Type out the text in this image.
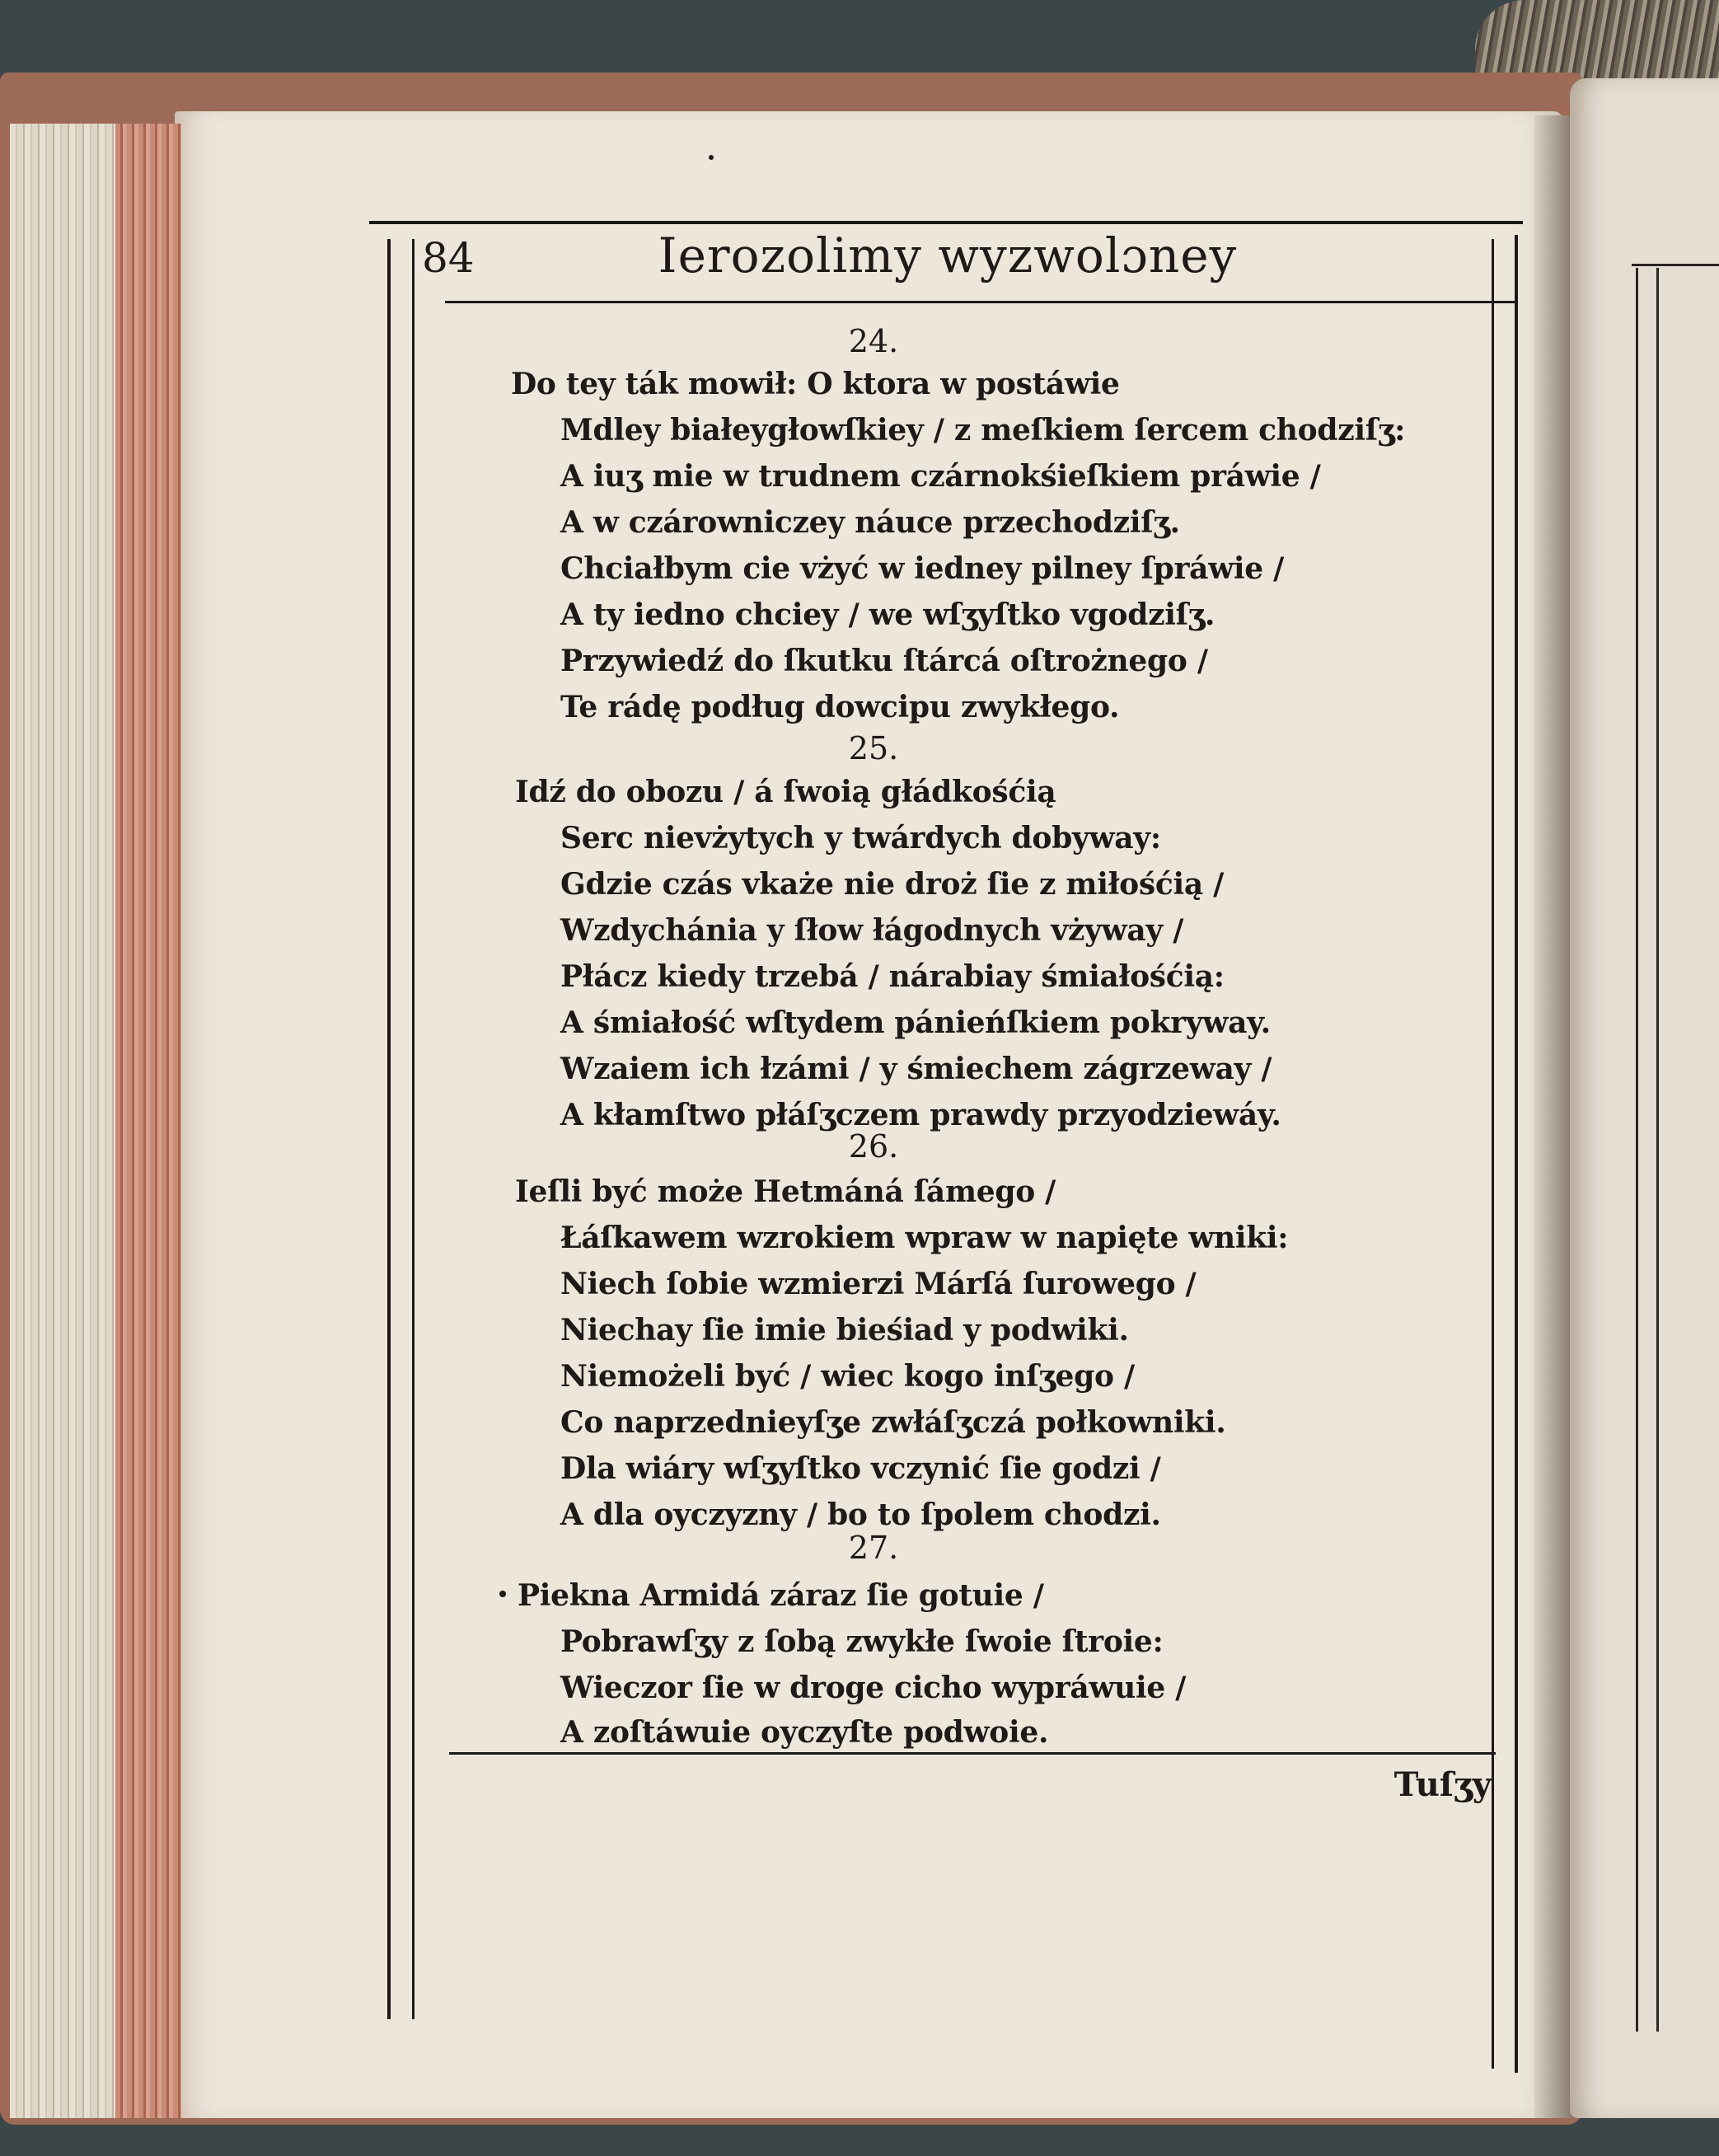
84	Ierozolimy wyzwolɔney
24.
Do tey ták mowił: O ktora w postáwie
Mdley białeygłowſkiey / z meſkiem ſercem chodziſʒ:
A iuʒ mie w trudnem czárnokśieſkiem práwie /
A w czárowniczey náuce przechodziſʒ.
Chciałbym cie vżyć w iedney pilney ſpráwie /
A ty iedno chciey / we wſʒyſtko vgodziſʒ.
Przywiedź do ſkutku ſtárcá oſtrożnego /
Te rádę podług dowcipu zwykłego.
25.
Idź do obozu / á ſwoią głádkośćią
Serc nievżytych y twárdych dobyway:
Gdzie czás vkaże nie droż ſie z miłośćią /
Wzdychánia y ſłow łágodnych vżyway /
Płácz kiedy trzebá / nárabiay śmiałośćią:
A śmiałość wſtydem pánieńſkiem pokryway.
Wzaiem ich łzámi / y śmiechem zágrzeway /
A kłamſtwo płáſʒczem prawdy przyodziewáy.
26.
Ieſli być może Hetmáná ſámego /
Łáſkawem wzrokiem wpraw w napięte wniki:
Niech ſobie wzmierzi Márſá ſurowego /
Niechay ſie imie bieśiad y podwiki.
Niemożeli być / wiec kogo inſʒego /
Co naprzednieyſʒe zwłáſʒczá połkowniki.
Dla wiáry wſʒyſtko vczynić ſie godzi /
A dla oyczyzny / bo to ſpolem chodzi.
27.
Piekna Armidá záraz ſie gotuie /
Pobrawſʒy z ſobą zwykłe ſwoie ſtroie:
Wieczor ſie w droge cicho wypráwuie /
A zoſtáwuie oyczyſte podwoie.
Tuſʒy
